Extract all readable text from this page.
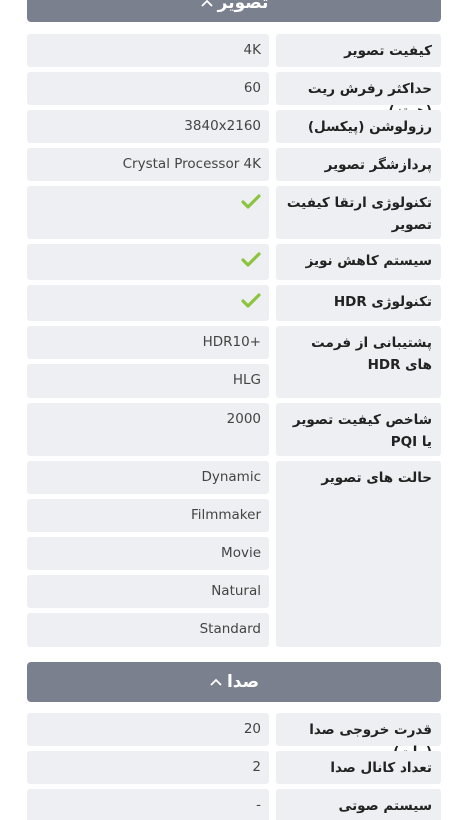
تصویر
کیفیت تصویر
4K
حداکثر رفرش ریت
60
رزولوشن (پیکسل)
3840x2160
پردازشگر تصویر
Crystal Processor 4K
تکنولوژی ارتقا کیفیت تصویر
سیستم کاهش نویز
تکنولوژی HDR
پشتیبانی از فرمت های HDR
HDR10+
HLG
شاخص کیفیت تصویر یا PQI
2000
حالت های تصویر
Dynamic
Filmmaker
Movie
Natural
Standard
صدا
قدرت خروجی صدا
20
تعداد کانال صدا
2
سیستم صوتی
-
